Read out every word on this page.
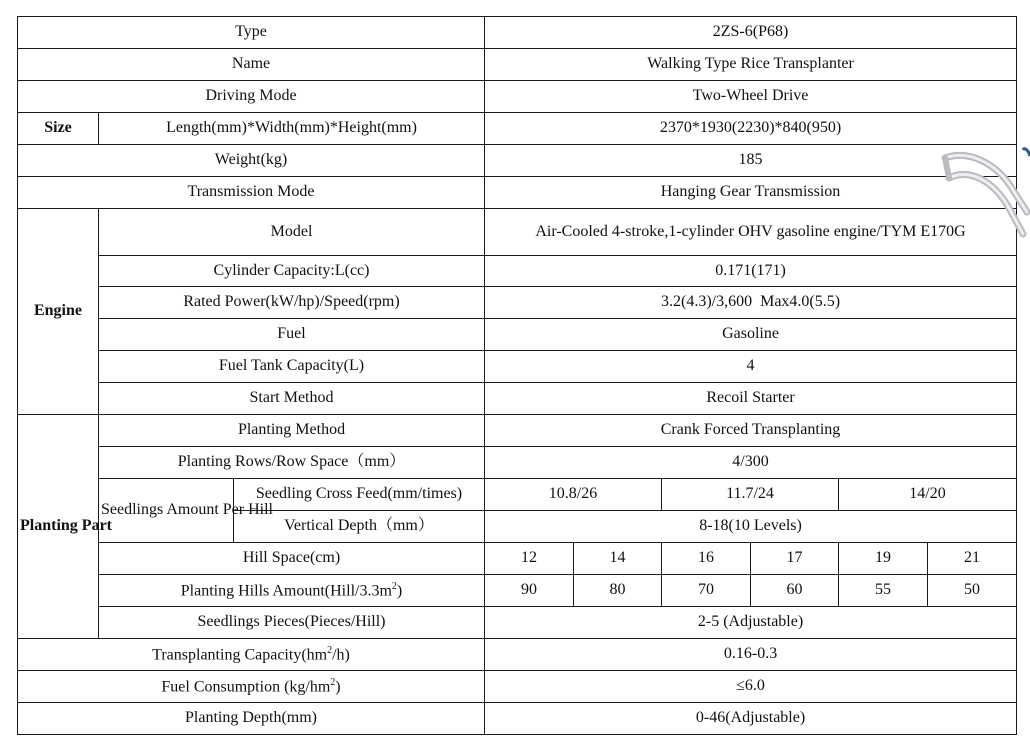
Type			2ZS-6(P68)					
Name			Walking Type Rice Transplanter					
Driving Mode			Two-Wheel Drive					
Size	Length(mm)*Width(mm)*Height(mm)		2370*1930(2230)*840(950)					
Weight(kg)			185					
Transmission Mode			Hanging Gear Transmission					
Engine	Model		Air-Cooled 4-stroke,1-cylinder OHV gasoline engine/TYM E170G					
	Cylinder Capacity:L(cc)		0.171(171)					
	Rated Power(kW/hp)/Speed(rpm)		3.2(4.3)/3,600  Max4.0(5.5)					
	Fuel		Gasoline					
	Fuel Tank Capacity(L)		4					
	Start Method		Recoil Starter					
Planting Part	Planting Method		Crank Forced Transplanting					
	Planting Rows/Row Space（mm）		4/300					
	Seedlings Amount Per Hill	Seedling Cross Feed(mm/times)	10.8/26		11.7/24		14/20	
		Vertical Depth（mm）	8-18(10 Levels)					
	Hill Space(cm)		12	14	16	17	19	21
	Planting Hills $Amount(Hill/3.3m^2)$		90	80	70	60	55	50
	Seedlings Pieces(Pieces/Hill)		2-5 (Adjustable)					
Transplanting $Capacity(hm^2/h)$			0.16-0.3					
Fuel Consumption $(kg/hm^2)$			≤6.0					
Planting Depth(mm)			0-46(Adjustable)					
